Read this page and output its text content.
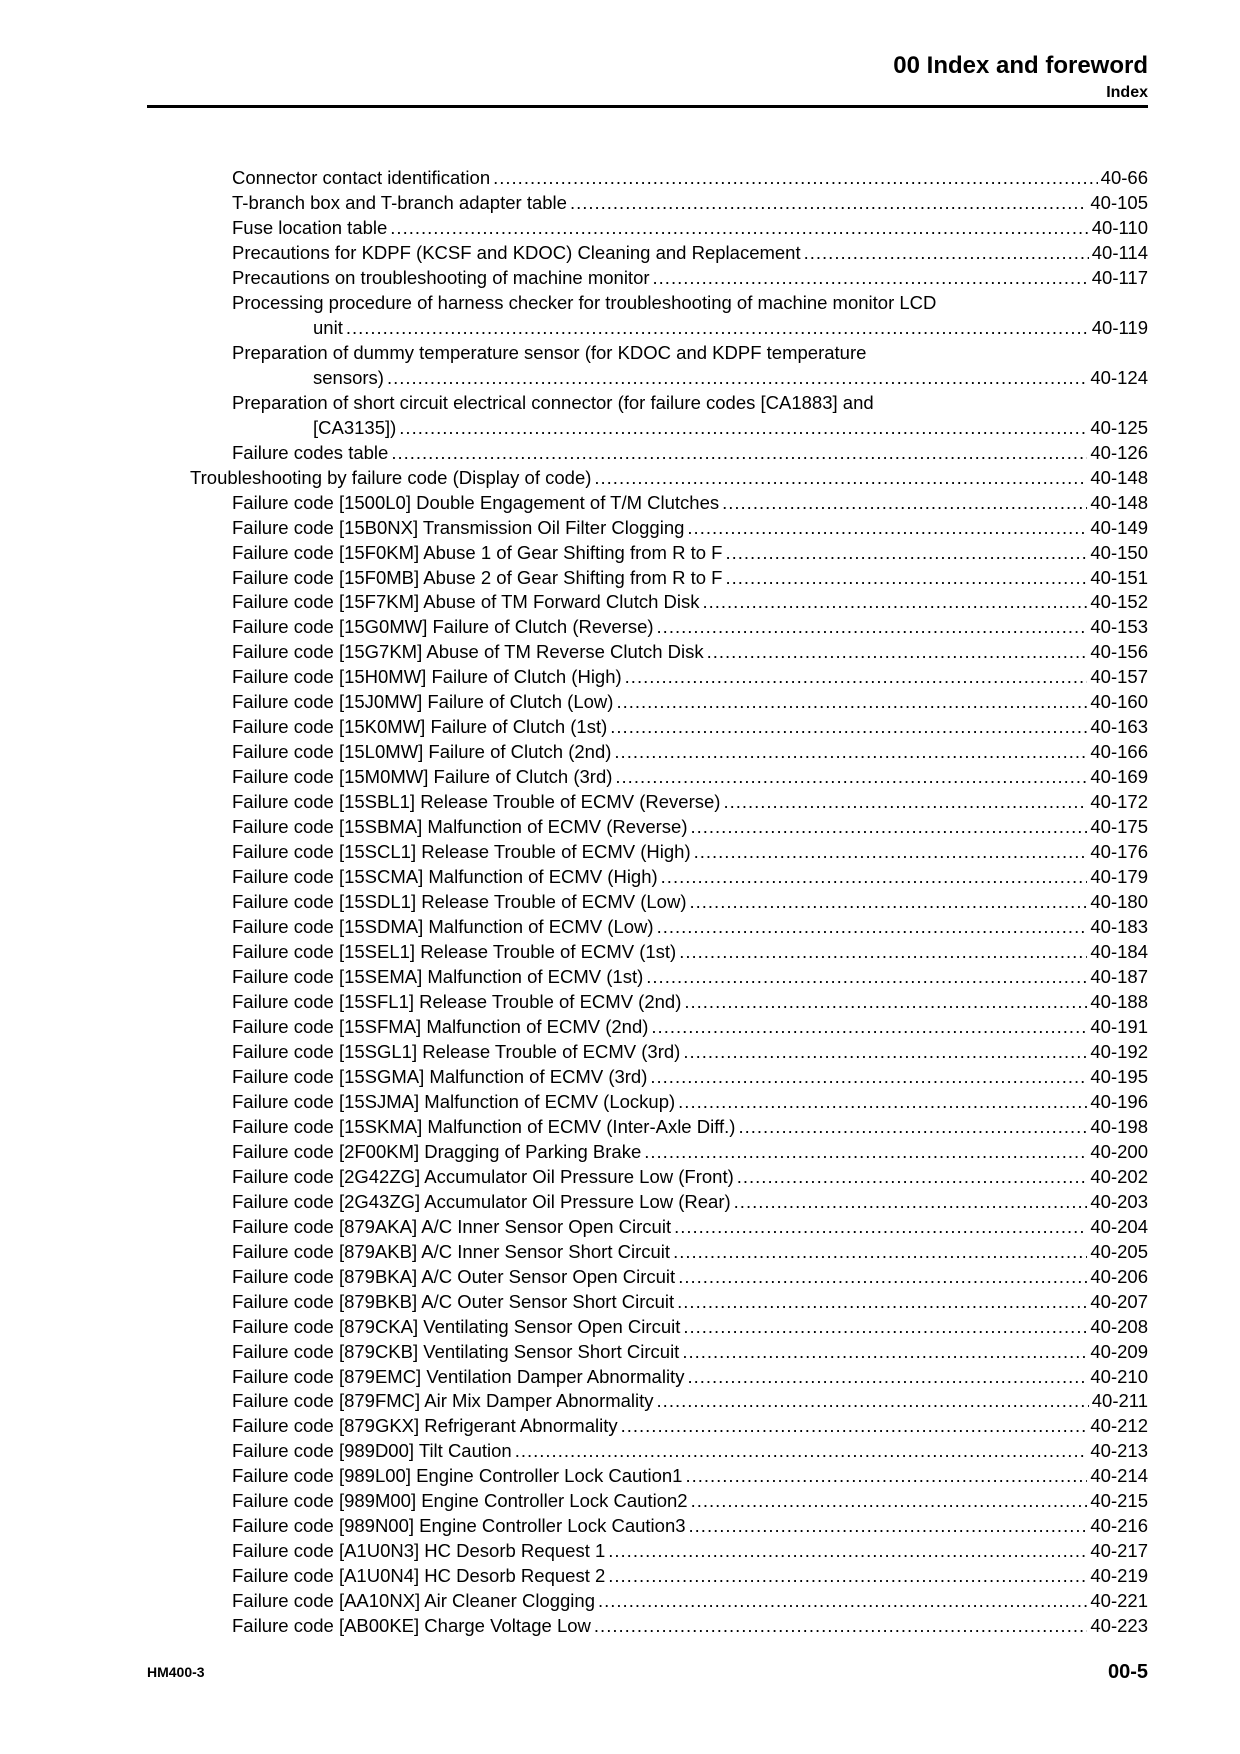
00 Index and foreword
Index
Connector contact identification .....	40-66
T-branch box and T-branch adapter table .....	40-105
Fuse location table .....	40-110
Precautions for KDPF (KCSF and KDOC) Cleaning and Replacement .....	40-114
Precautions on troubleshooting of machine monitor .....	40-117
Processing procedure of harness checker for troubleshooting of machine monitor LCD
unit .....	40-119
Preparation of dummy temperature sensor (for KDOC and KDPF temperature
sensors) .....	40-124
Preparation of short circuit electrical connector (for failure codes [CA1883] and
[CA3135]) .....	40-125
Failure codes table .....	40-126
Troubleshooting by failure code (Display of code) .....	40-148
Failure code [1500L0] Double Engagement of T/M Clutches .....	40-148
Failure code [15B0NX] Transmission Oil Filter Clogging .....	40-149
Failure code [15F0KM] Abuse 1 of Gear Shifting from R to F .....	40-150
Failure code [15F0MB] Abuse 2 of Gear Shifting from R to F .....	40-151
Failure code [15F7KM] Abuse of TM Forward Clutch Disk .....	40-152
Failure code [15G0MW] Failure of Clutch (Reverse) .....	40-153
Failure code [15G7KM] Abuse of TM Reverse Clutch Disk .....	40-156
Failure code [15H0MW] Failure of Clutch (High) .....	40-157
Failure code [15J0MW] Failure of Clutch (Low) .....	40-160
Failure code [15K0MW] Failure of Clutch (1st) .....	40-163
Failure code [15L0MW] Failure of Clutch (2nd) .....	40-166
Failure code [15M0MW] Failure of Clutch (3rd) .....	40-169
Failure code [15SBL1] Release Trouble of ECMV (Reverse) .....	40-172
Failure code [15SBMA] Malfunction of ECMV (Reverse) .....	40-175
Failure code [15SCL1] Release Trouble of ECMV (High) .....	40-176
Failure code [15SCMA] Malfunction of ECMV (High) .....	40-179
Failure code [15SDL1] Release Trouble of ECMV (Low) .....	40-180
Failure code [15SDMA] Malfunction of ECMV (Low) .....	40-183
Failure code [15SEL1] Release Trouble of ECMV (1st) .....	40-184
Failure code [15SEMA] Malfunction of ECMV (1st) .....	40-187
Failure code [15SFL1] Release Trouble of ECMV (2nd) .....	40-188
Failure code [15SFMA] Malfunction of ECMV (2nd) .....	40-191
Failure code [15SGL1] Release Trouble of ECMV (3rd) .....	40-192
Failure code [15SGMA] Malfunction of ECMV (3rd) .....	40-195
Failure code [15SJMA] Malfunction of ECMV (Lockup) .....	40-196
Failure code [15SKMA] Malfunction of ECMV (Inter-Axle Diff.) .....	40-198
Failure code [2F00KM] Dragging of Parking Brake .....	40-200
Failure code [2G42ZG] Accumulator Oil Pressure Low (Front) .....	40-202
Failure code [2G43ZG] Accumulator Oil Pressure Low (Rear) .....	40-203
Failure code [879AKA] A/C Inner Sensor Open Circuit .....	40-204
Failure code [879AKB] A/C Inner Sensor Short Circuit .....	40-205
Failure code [879BKA] A/C Outer Sensor Open Circuit .....	40-206
Failure code [879BKB] A/C Outer Sensor Short Circuit .....	40-207
Failure code [879CKA] Ventilating Sensor Open Circuit .....	40-208
Failure code [879CKB] Ventilating Sensor Short Circuit .....	40-209
Failure code [879EMC] Ventilation Damper Abnormality .....	40-210
Failure code [879FMC] Air Mix Damper Abnormality .....	40-211
Failure code [879GKX] Refrigerant Abnormality .....	40-212
Failure code [989D00] Tilt Caution .....	40-213
Failure code [989L00] Engine Controller Lock Caution1 .....	40-214
Failure code [989M00] Engine Controller Lock Caution2 .....	40-215
Failure code [989N00] Engine Controller Lock Caution3 .....	40-216
Failure code [A1U0N3] HC Desorb Request 1 .....	40-217
Failure code [A1U0N4] HC Desorb Request 2 .....	40-219
Failure code [AA10NX] Air Cleaner Clogging .....	40-221
Failure code [AB00KE] Charge Voltage Low .....	40-223
HM400-3	00-5
